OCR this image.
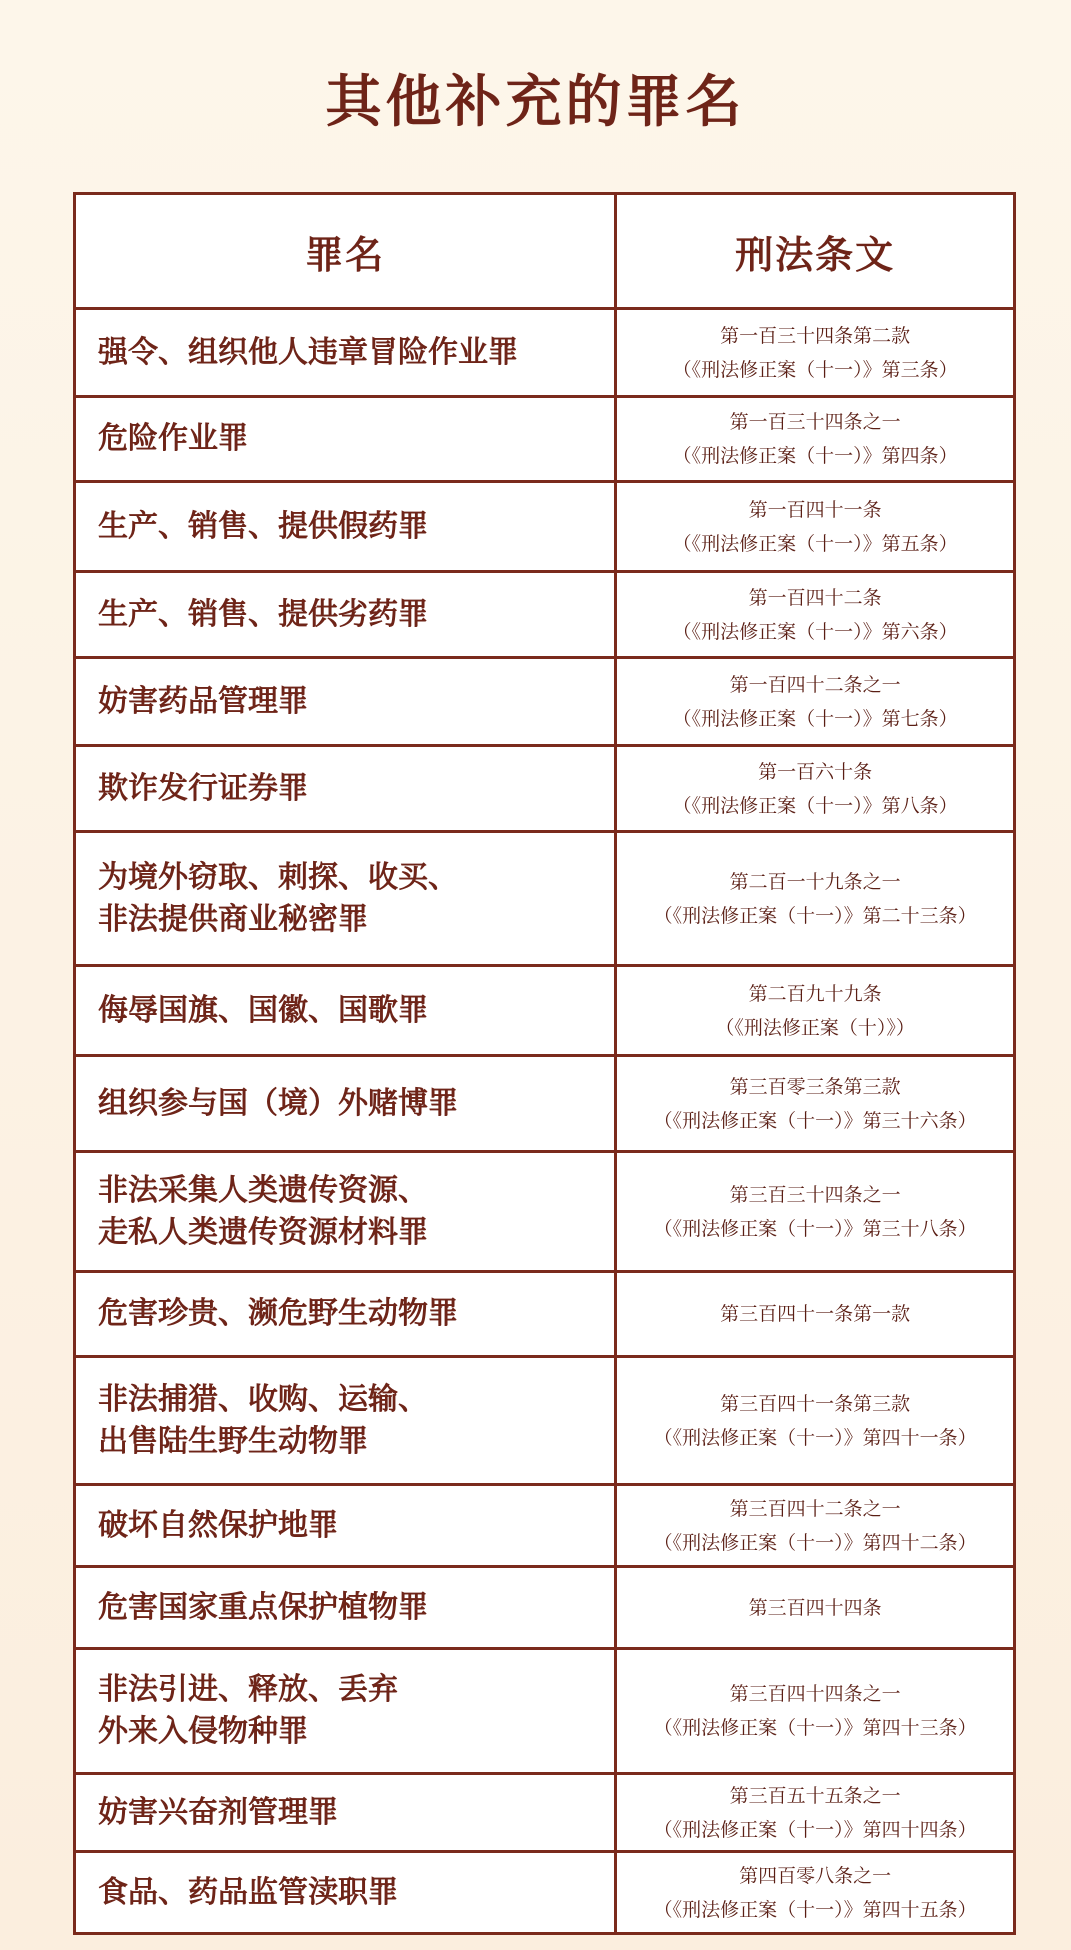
其他补充的罪名
罪名	刑法条文

强令、组织他人违章冒险作业罪	第一百三十四条第二款
（《刑法修正案（十一）》第三条）

危险作业罪	第一百三十四条之一
（《刑法修正案（十一）》第四条）

生产、销售、提供假药罪	第一百四十一条
（《刑法修正案（十一）》第五条）

生产、销售、提供劣药罪	第一百四十二条
（《刑法修正案（十一）》第六条）

妨害药品管理罪	第一百四十二条之一
（《刑法修正案（十一）》第七条）

欺诈发行证券罪	第一百六十条
（《刑法修正案（十一）》第八条）

为境外窃取、刺探、收买、
非法提供商业秘密罪	第二百一十九条之一
（《刑法修正案（十一）》第二十三条）

侮辱国旗、国徽、国歌罪	第二百九十九条
（《刑法修正案（十）》）

组织参与国（境）外赌博罪	第三百零三条第三款
（《刑法修正案（十一）》第三十六条）

非法采集人类遗传资源、
走私人类遗传资源材料罪	第三百三十四条之一
（《刑法修正案（十一）》第三十八条）

危害珍贵、濒危野生动物罪	第三百四十一条第一款

非法捕猎、收购、运输、
出售陆生野生动物罪	第三百四十一条第三款
（《刑法修正案（十一）》第四十一条）

破坏自然保护地罪	第三百四十二条之一
（《刑法修正案（十一）》第四十二条）

危害国家重点保护植物罪	第三百四十四条

非法引进、释放、丢弃
外来入侵物种罪	第三百四十四条之一
（《刑法修正案（十一）》第四十三条）

妨害兴奋剂管理罪	第三百五十五条之一
（《刑法修正案（十一）》第四十四条）

食品、药品监管渎职罪	第四百零八条之一
（《刑法修正案（十一）》第四十五条）
